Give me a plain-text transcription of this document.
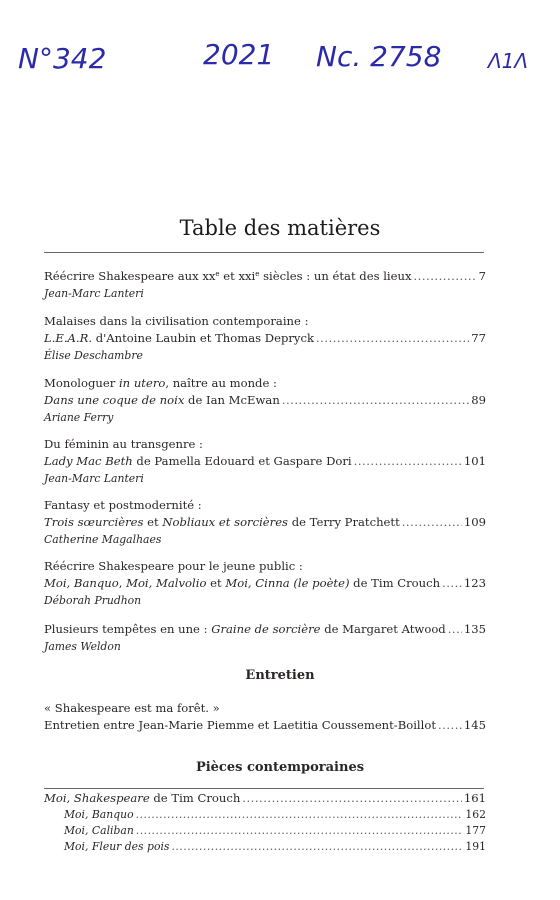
N°342	2021 Nc. 2758 Λ1Λ
Table des matières
Réécrire Shakespeare aux $xx^e$ et xxi$^e$ siècles : un état des lieux .....	7
Jean-Marc Lanteri
Malaises dans la civilisation contemporaine :
L.E.A.R. d'Antoine Laubin et Thomas Depryck .....	77
Élise Deschambre
Monologuer in utero, naître au monde :
Dans une coque de noix de Ian McEwan .....	89
Ariane Ferry
Du féminin au transgenre :
Lady Mac Beth de Pamella Edouard et Gaspare Dori .....	101
Jean-Marc Lanteri
Fantasy et postmodernité :
Trois sœurcières et Nobliaux et sorcières de Terry Pratchett .....	109
Catherine Magalhaes
Réécrire Shakespeare pour le jeune public :
Moi, Banquo, Moi, Malvolio et Moi, Cinna (le poète) de Tim Crouch ..... 123
Déborah Prudhon
Plusieurs tempêtes en une : Graine de sorcière de Margaret Atwood ..... 135
James Weldon
Entretien
« Shakespeare est ma forêt. »
Entretien entre Jean-Marie Piemme et Laetitia Coussement-Boillot ..... 145
Pièces contemporaines
Moi, Shakespeare de Tim Crouch .....	161
Moi, Banquo .....	162
Moi, Caliban .....	177
Moi, Fleur des pois .....	191
